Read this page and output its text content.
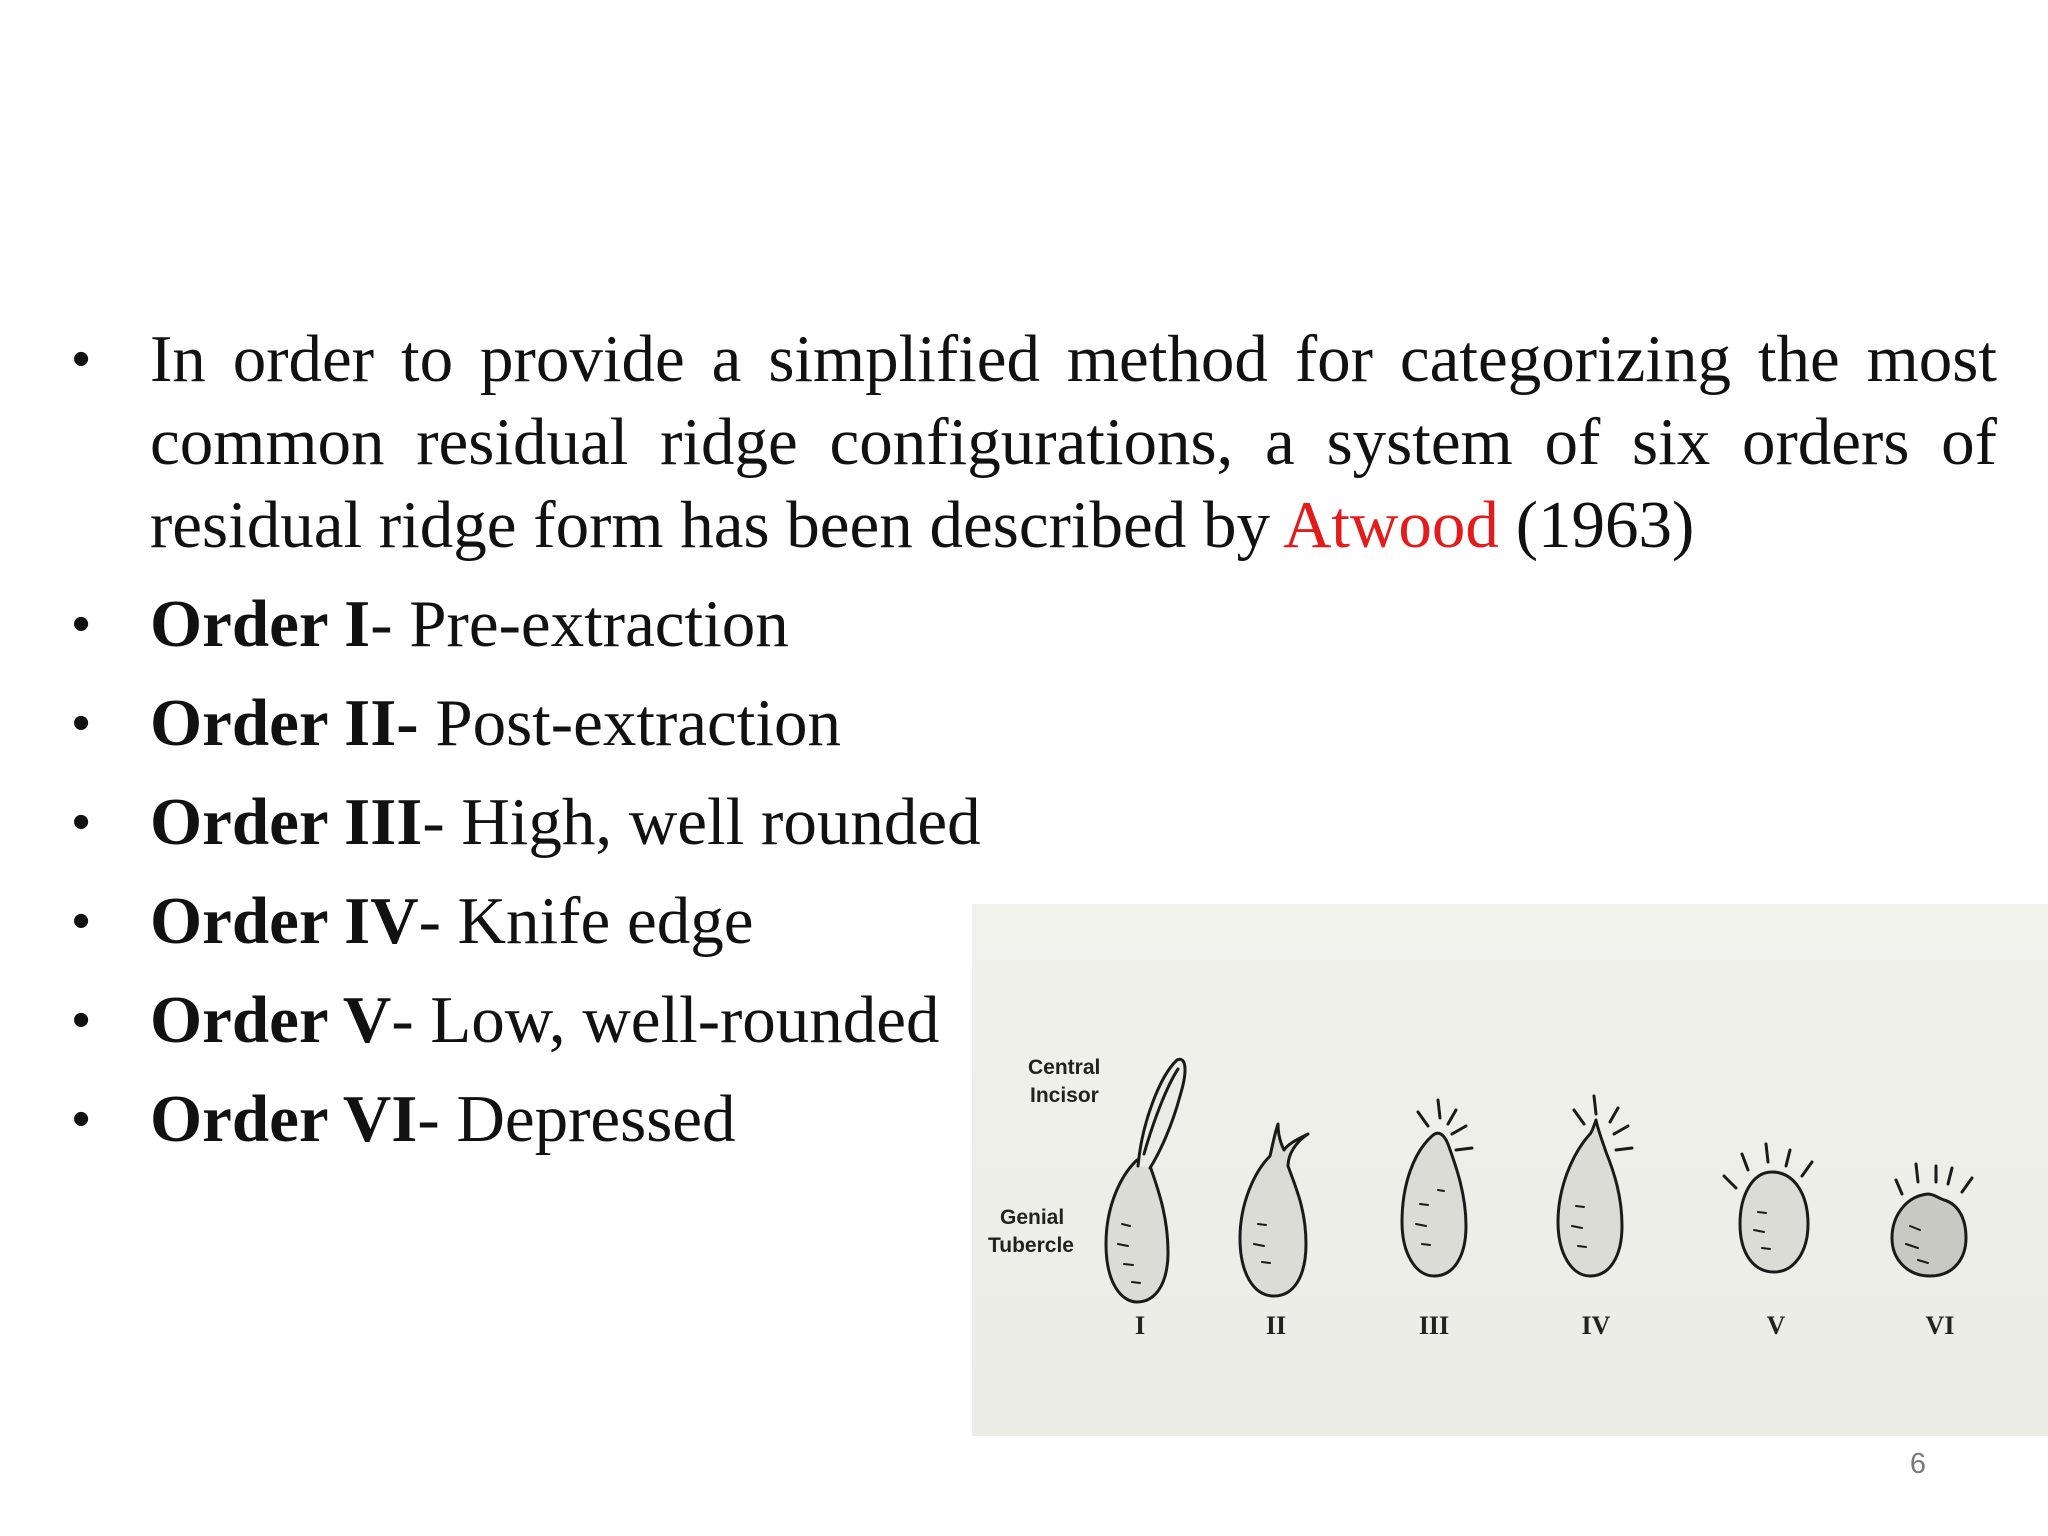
• In order to provide a simplified method for categorizing the most common residual ridge configurations, a system of six orders of residual ridge form has been described by Atwood (1963)
• Order I- Pre-extraction
• Order II- Post-extraction
• Order III- High, well rounded
• Order IV- Knife edge
• Order V- Low, well-rounded
• Order VI- Depressed
Central
Incisor
Genial
Tubercle
I	II	III	IV	V	VI
6
